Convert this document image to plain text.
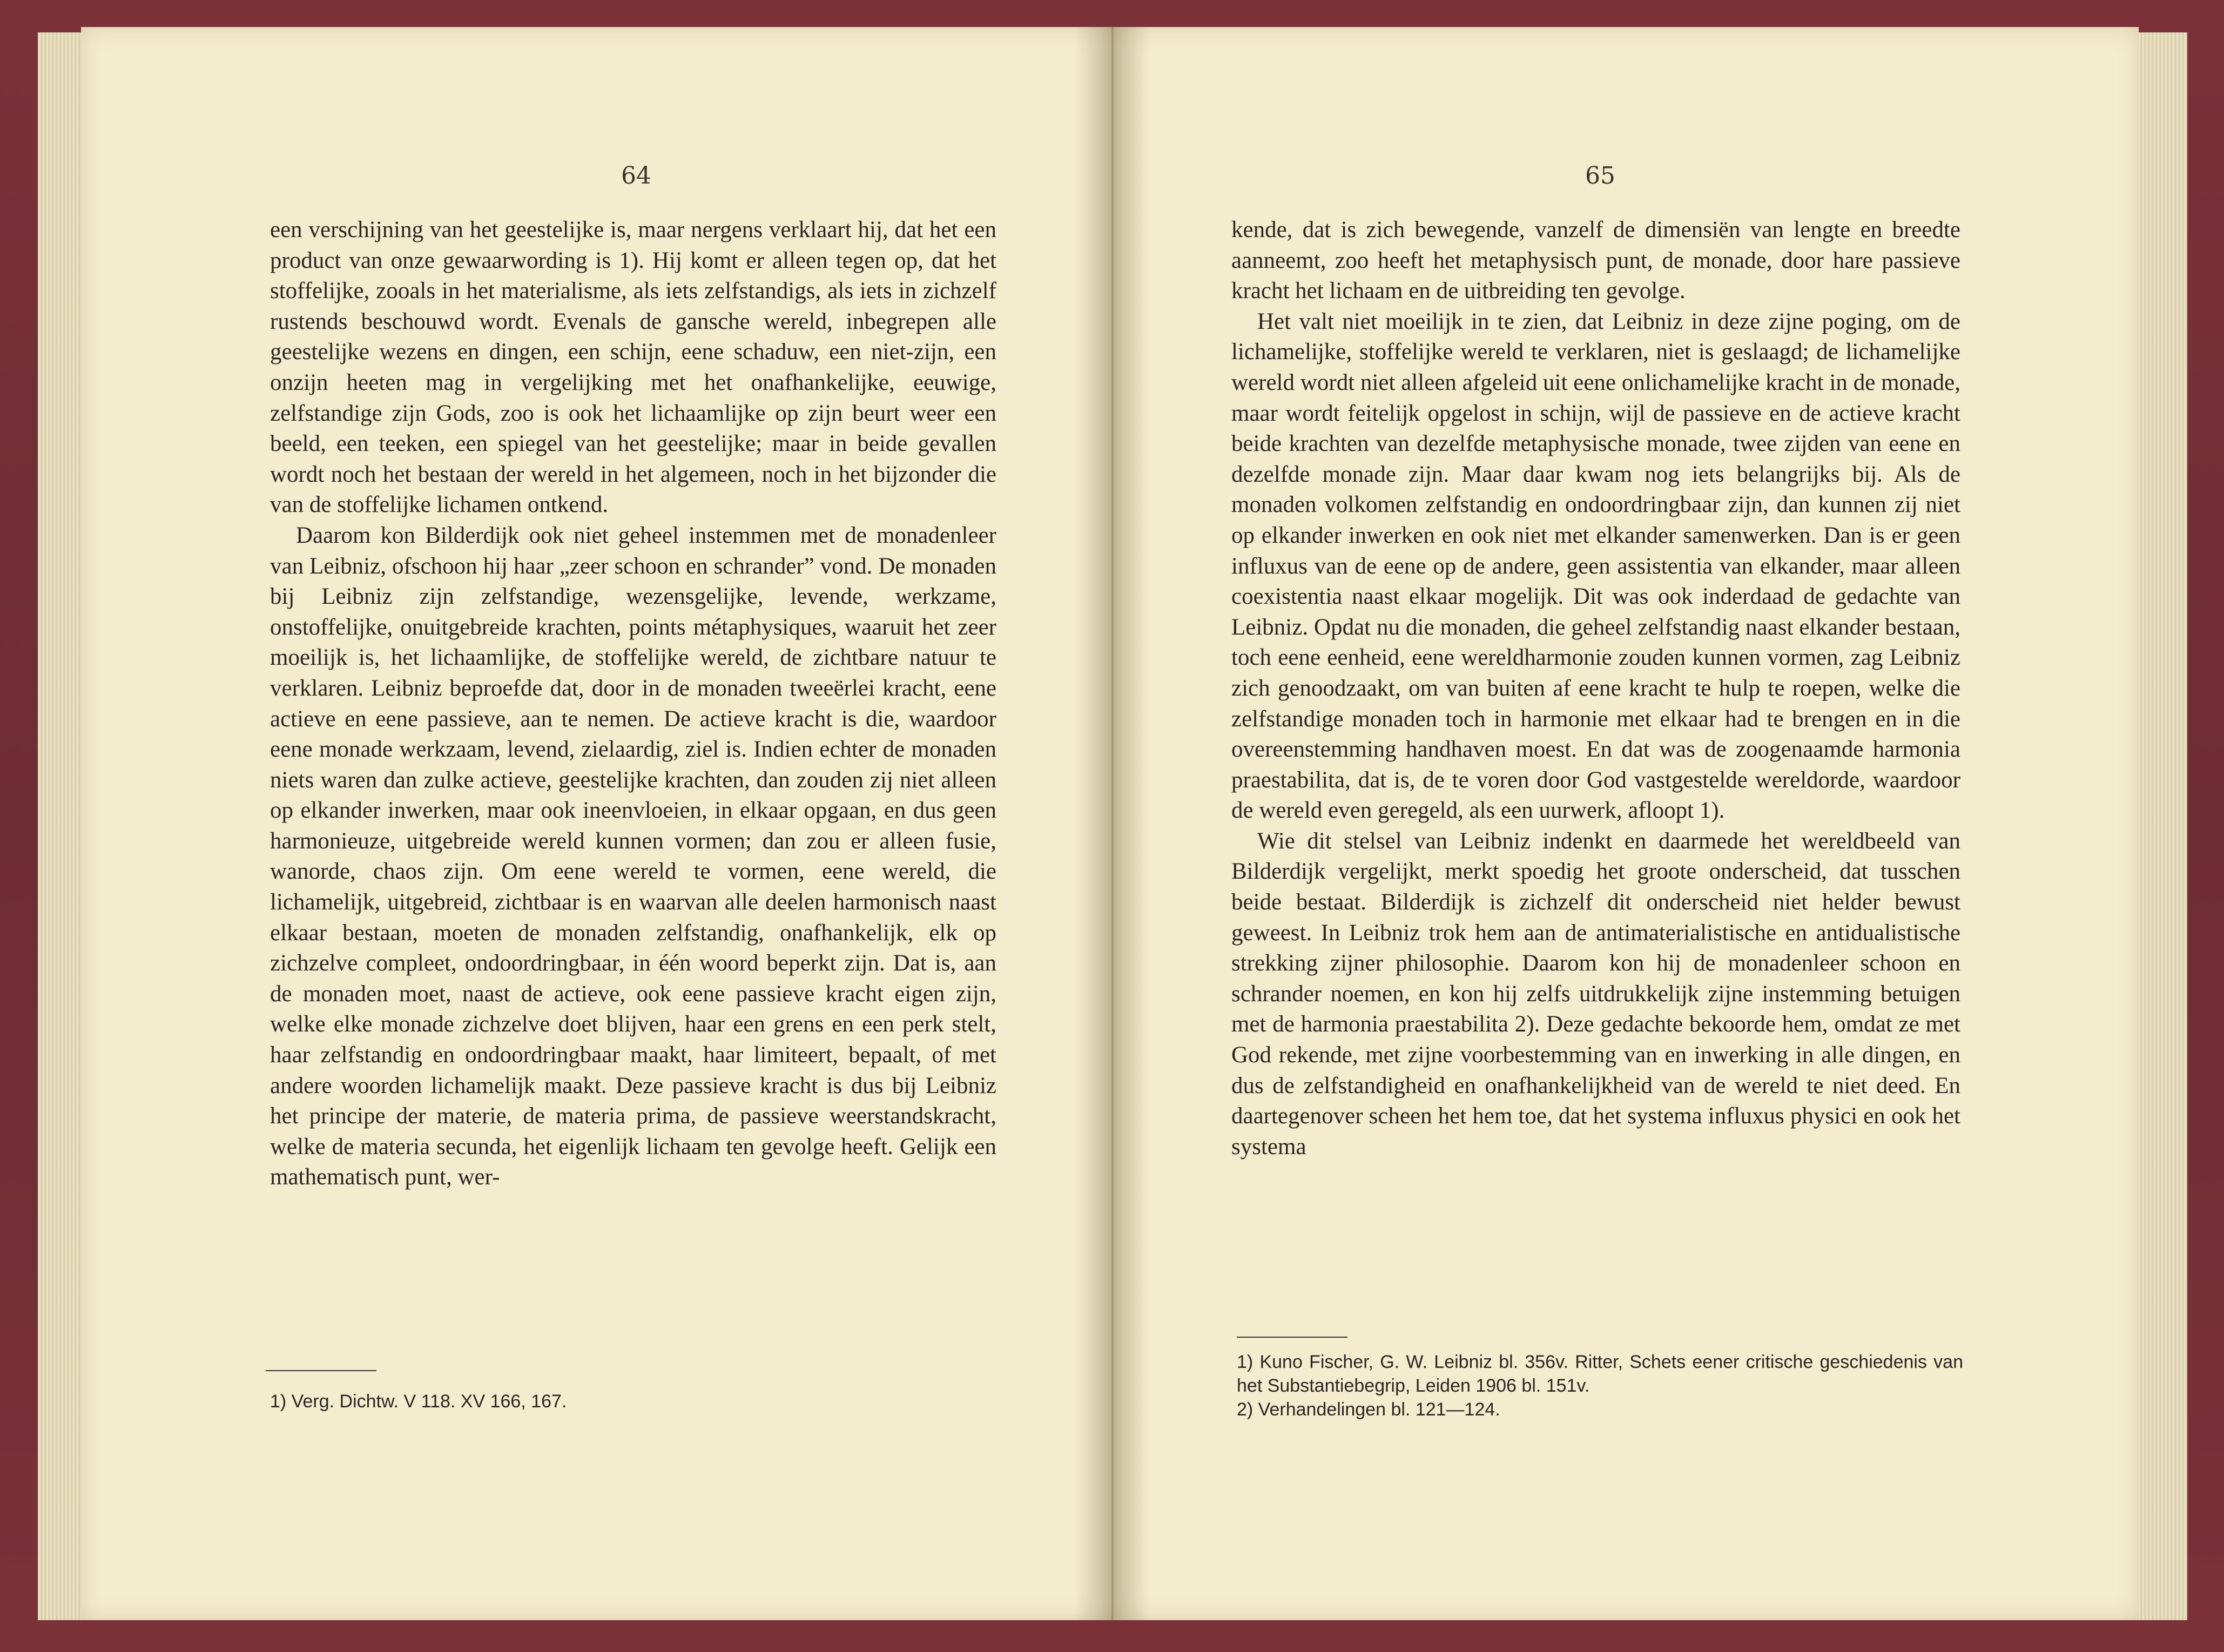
64	65

een verschijning van het geestelijke is, maar nergens verklaart hij, dat het een product van onze gewaarwording is 1). Hij komt er alleen tegen op, dat het stoffelijke, zooals in het materialisme, als iets zelfstandigs, als iets in zichzelf rustends beschouwd wordt. Evenals de gansche wereld, inbegrepen alle geestelijke wezens en dingen, een schijn, eene schaduw, een niet-zijn, een onzijn heeten mag in vergelijking met het onafhankelijke, eeuwige, zelfstandige zijn Gods, zoo is ook het lichaamlijke op zijn beurt weer een beeld, een teeken, een spiegel van het geestelijke; maar in beide gevallen wordt noch het bestaan der wereld in het algemeen, noch in het bijzonder die van de stoffelijke lichamen ontkend.

Daarom kon Bilderdijk ook niet geheel instemmen met de monadenleer van Leibniz, ofschoon hij haar „zeer schoon en schrander” vond. De monaden bij Leibniz zijn zelfstandige, wezensgelijke, levende, werkzame, onstoffelijke, onuitgebreide krachten, points métaphysiques, waaruit het zeer moeilijk is, het lichaamlijke, de stoffelijke wereld, de zichtbare natuur te verklaren. Leibniz beproefde dat, door in de monaden tweeërlei kracht, eene actieve en eene passieve, aan te nemen. De actieve kracht is die, waardoor eene monade werkzaam, levend, zielaardig, ziel is. Indien echter de monaden niets waren dan zulke actieve, geestelijke krachten, dan zouden zij niet alleen op elkander inwerken, maar ook ineenvloeien, in elkaar opgaan, en dus geen harmonieuze, uitgebreide wereld kunnen vormen; dan zou er alleen fusie, wanorde, chaos zijn. Om eene wereld te vormen, eene wereld, die lichamelijk, uitgebreid, zichtbaar is en waarvan alle deelen harmonisch naast elkaar bestaan, moeten de monaden zelfstandig, onafhankelijk, elk op zichzelve compleet, ondoordringbaar, in één woord beperkt zijn. Dat is, aan de monaden moet, naast de actieve, ook eene passieve kracht eigen zijn, welke elke monade zichzelve doet blijven, haar een grens en een perk stelt, haar zelfstandig en ondoordringbaar maakt, haar limiteert, bepaalt, of met andere woorden lichamelijk maakt. Deze passieve kracht is dus bij Leibniz het principe der materie, de materia prima, de passieve weerstandskracht, welke de materia secunda, het eigenlijk lichaam ten gevolge heeft. Gelijk een mathematisch punt, wer-

1) Verg. Dichtw. V 118. XV 166, 167.

kende, dat is zich bewegende, vanzelf de dimensiën van lengte en breedte aanneemt, zoo heeft het metaphysisch punt, de monade, door hare passieve kracht het lichaam en de uitbreiding ten gevolge.

Het valt niet moeilijk in te zien, dat Leibniz in deze zijne poging, om de lichamelijke, stoffelijke wereld te verklaren, niet is geslaagd; de lichamelijke wereld wordt niet alleen afgeleid uit eene onlichamelijke kracht in de monade, maar wordt feitelijk opgelost in schijn, wijl de passieve en de actieve kracht beide krachten van dezelfde metaphysische monade, twee zijden van eene en dezelfde monade zijn. Maar daar kwam nog iets belangrijks bij. Als de monaden volkomen zelfstandig en ondoordringbaar zijn, dan kunnen zij niet op elkander inwerken en ook niet met elkander samenwerken. Dan is er geen influxus van de eene op de andere, geen assistentia van elkander, maar alleen coexistentia naast elkaar mogelijk. Dit was ook inderdaad de gedachte van Leibniz. Opdat nu die monaden, die geheel zelfstandig naast elkander bestaan, toch eene eenheid, eene wereldharmonie zouden kunnen vormen, zag Leibniz zich genoodzaakt, om van buiten af eene kracht te hulp te roepen, welke die zelfstandige monaden toch in harmonie met elkaar had te brengen en in die overeenstemming handhaven moest. En dat was de zoogenaamde harmonia praestabilita, dat is, de te voren door God vastgestelde wereldorde, waardoor de wereld even geregeld, als een uurwerk, afloopt 1).

Wie dit stelsel van Leibniz indenkt en daarmede het wereldbeeld van Bilderdijk vergelijkt, merkt spoedig het groote onderscheid, dat tusschen beide bestaat. Bilderdijk is zichzelf dit onderscheid niet helder bewust geweest. In Leibniz trok hem aan de antimaterialistische en antidualistische strekking zijner philosophie. Daarom kon hij de monadenleer schoon en schrander noemen, en kon hij zelfs uitdrukkelijk zijne instemming betuigen met de harmonia praestabilita 2). Deze gedachte bekoorde hem, omdat ze met God rekende, met zijne voorbestemming van en inwerking in alle dingen, en dus de zelfstandigheid en onafhankelijkheid van de wereld te niet deed. En daartegenover scheen het hem toe, dat het systema influxus physici en ook het systema

1) Kuno Fischer, G. W. Leibniz bl. 356v. Ritter, Schets eener critische geschiedenis van het Substantiebegrip, Leiden 1906 bl. 151v.

2) Verhandelingen bl. 121—124.
